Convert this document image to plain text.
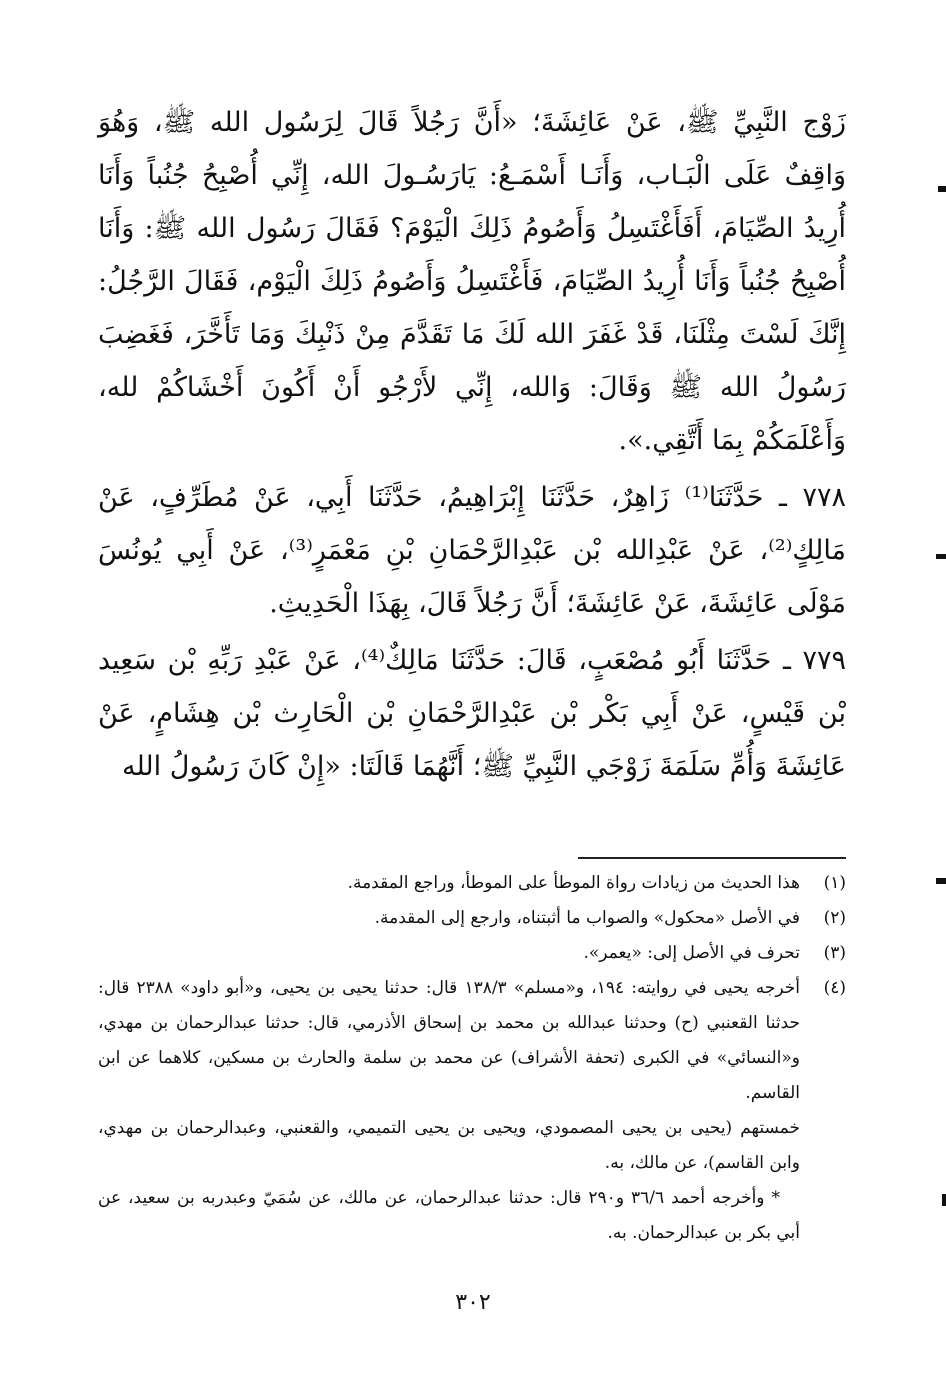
زَوْج النَّبِيِّ ﷺ، عَنْ عَائِشَةَ؛ «أَنَّ رَجُلاً قَالَ لِرَسُول الله ﷺ، وَهُوَ وَاقِفٌ عَلَى الْبَـاب، وَأَنَـا أَسْمَـعُ: يَارَسُـولَ الله، إِنِّي أُصْبِحُ جُنُباً وَأَنَا أُرِيدُ الصِّيَامَ، أَفَأَغْتَسِلُ وَأَصُومُ ذَلِكَ الْيَوْمَ؟ فَقَالَ رَسُول الله ﷺ: وَأَنَا أُصْبِحُ جُنُباً وَأَنَا أُرِيدُ الصِّيَامَ، فَأَغْتَسِلُ وَأَصُومُ ذَلِكَ الْيَوْم، فَقَالَ الرَّجُلُ: إِنَّكَ لَسْتَ مِثْلَنَا، قَدْ غَفَرَ الله لَكَ مَا تَقَدَّمَ مِنْ ذَنْبِكَ وَمَا تَأَخَّرَ، فَغَضِبَ رَسُولُ الله ﷺ وَقَالَ: وَالله، إِنِّي لأَرْجُو أَنْ أَكُونَ أَخْشَاكُمْ لله، وَأَعْلَمَكُمْ بِمَا أَتَّقِي.».

٧٧٨ ـ حَدَّثَنَا⁽¹⁾ زَاهِرٌ، حَدَّثَنَا إِبْرَاهِيمُ، حَدَّثَنَا أَبِي، عَنْ مُطَرِّفٍ، عَنْ مَالِكٍ⁽²⁾، عَنْ عَبْدِالله بْن عَبْدِالرَّحْمَانِ بْنِ مَعْمَرٍ⁽³⁾، عَنْ أَبِي يُونُسَ مَوْلَى عَائِشَةَ، عَنْ عَائِشَةَ؛ أَنَّ رَجُلاً قَالَ، بِهَذَا الْحَدِيثِ.

٧٧٩ ـ حَدَّثَنَا أَبُو مُصْعَبٍ، قَالَ: حَدَّثَنَا مَالِكٌ⁽⁴⁾، عَنْ عَبْدِ رَبِّهِ بْن سَعِيد بْن قَيْسٍ، عَنْ أَبِي بَكْر بْن عَبْدِالرَّحْمَانِ بْن الْحَارِث بْن هِشَامٍ، عَنْ عَائِشَةَ وَأُمِّ سَلَمَةَ زَوْجَي النَّبِيِّ ﷺ؛ أَنَّهُمَا قَالَتَا: «إِنْ كَانَ رَسُولُ الله

(١)
هذا الحديث من زيادات رواة الموطأ على الموطأ، وراجع المقدمة.
(٢)
في الأصل «محكول» والصواب ما أثبتناه، وارجع إلى المقدمة.
(٣)
تحرف في الأصل إلى: «يعمر».
(٤)
أخرجه يحيى في روايته: ١٩٤، و«مسلم» ١٣٨/٣ قال: حدثنا يحيى بن يحيى، و«أبو داود» ٢٣٨٨ قال: حدثنا القعنبي (ح) وحدثنا عبدالله بن محمد بن إسحاق الأذرمي، قال: حدثنا عبدالرحمان بن مهدي، و«النسائي» في الكبرى (تحفة الأشراف) عن محمد بن سلمة والحارث بن مسكين، كلاهما عن ابن القاسم.
خمستهم (يحيى بن يحيى المصمودي، ويحيى بن يحيى التميمي، والقعنبي، وعبدالرحمان بن مهدي، وابن القاسم)، عن مالك، به.
* وأخرجه أحمد ٣٦/٦ و٢٩٠ قال: حدثنا عبدالرحمان، عن مالك، عن سُمَيّ وعبدربه بن سعيد، عن أبي بكر بن عبدالرحمان. به.
٣٠٢
